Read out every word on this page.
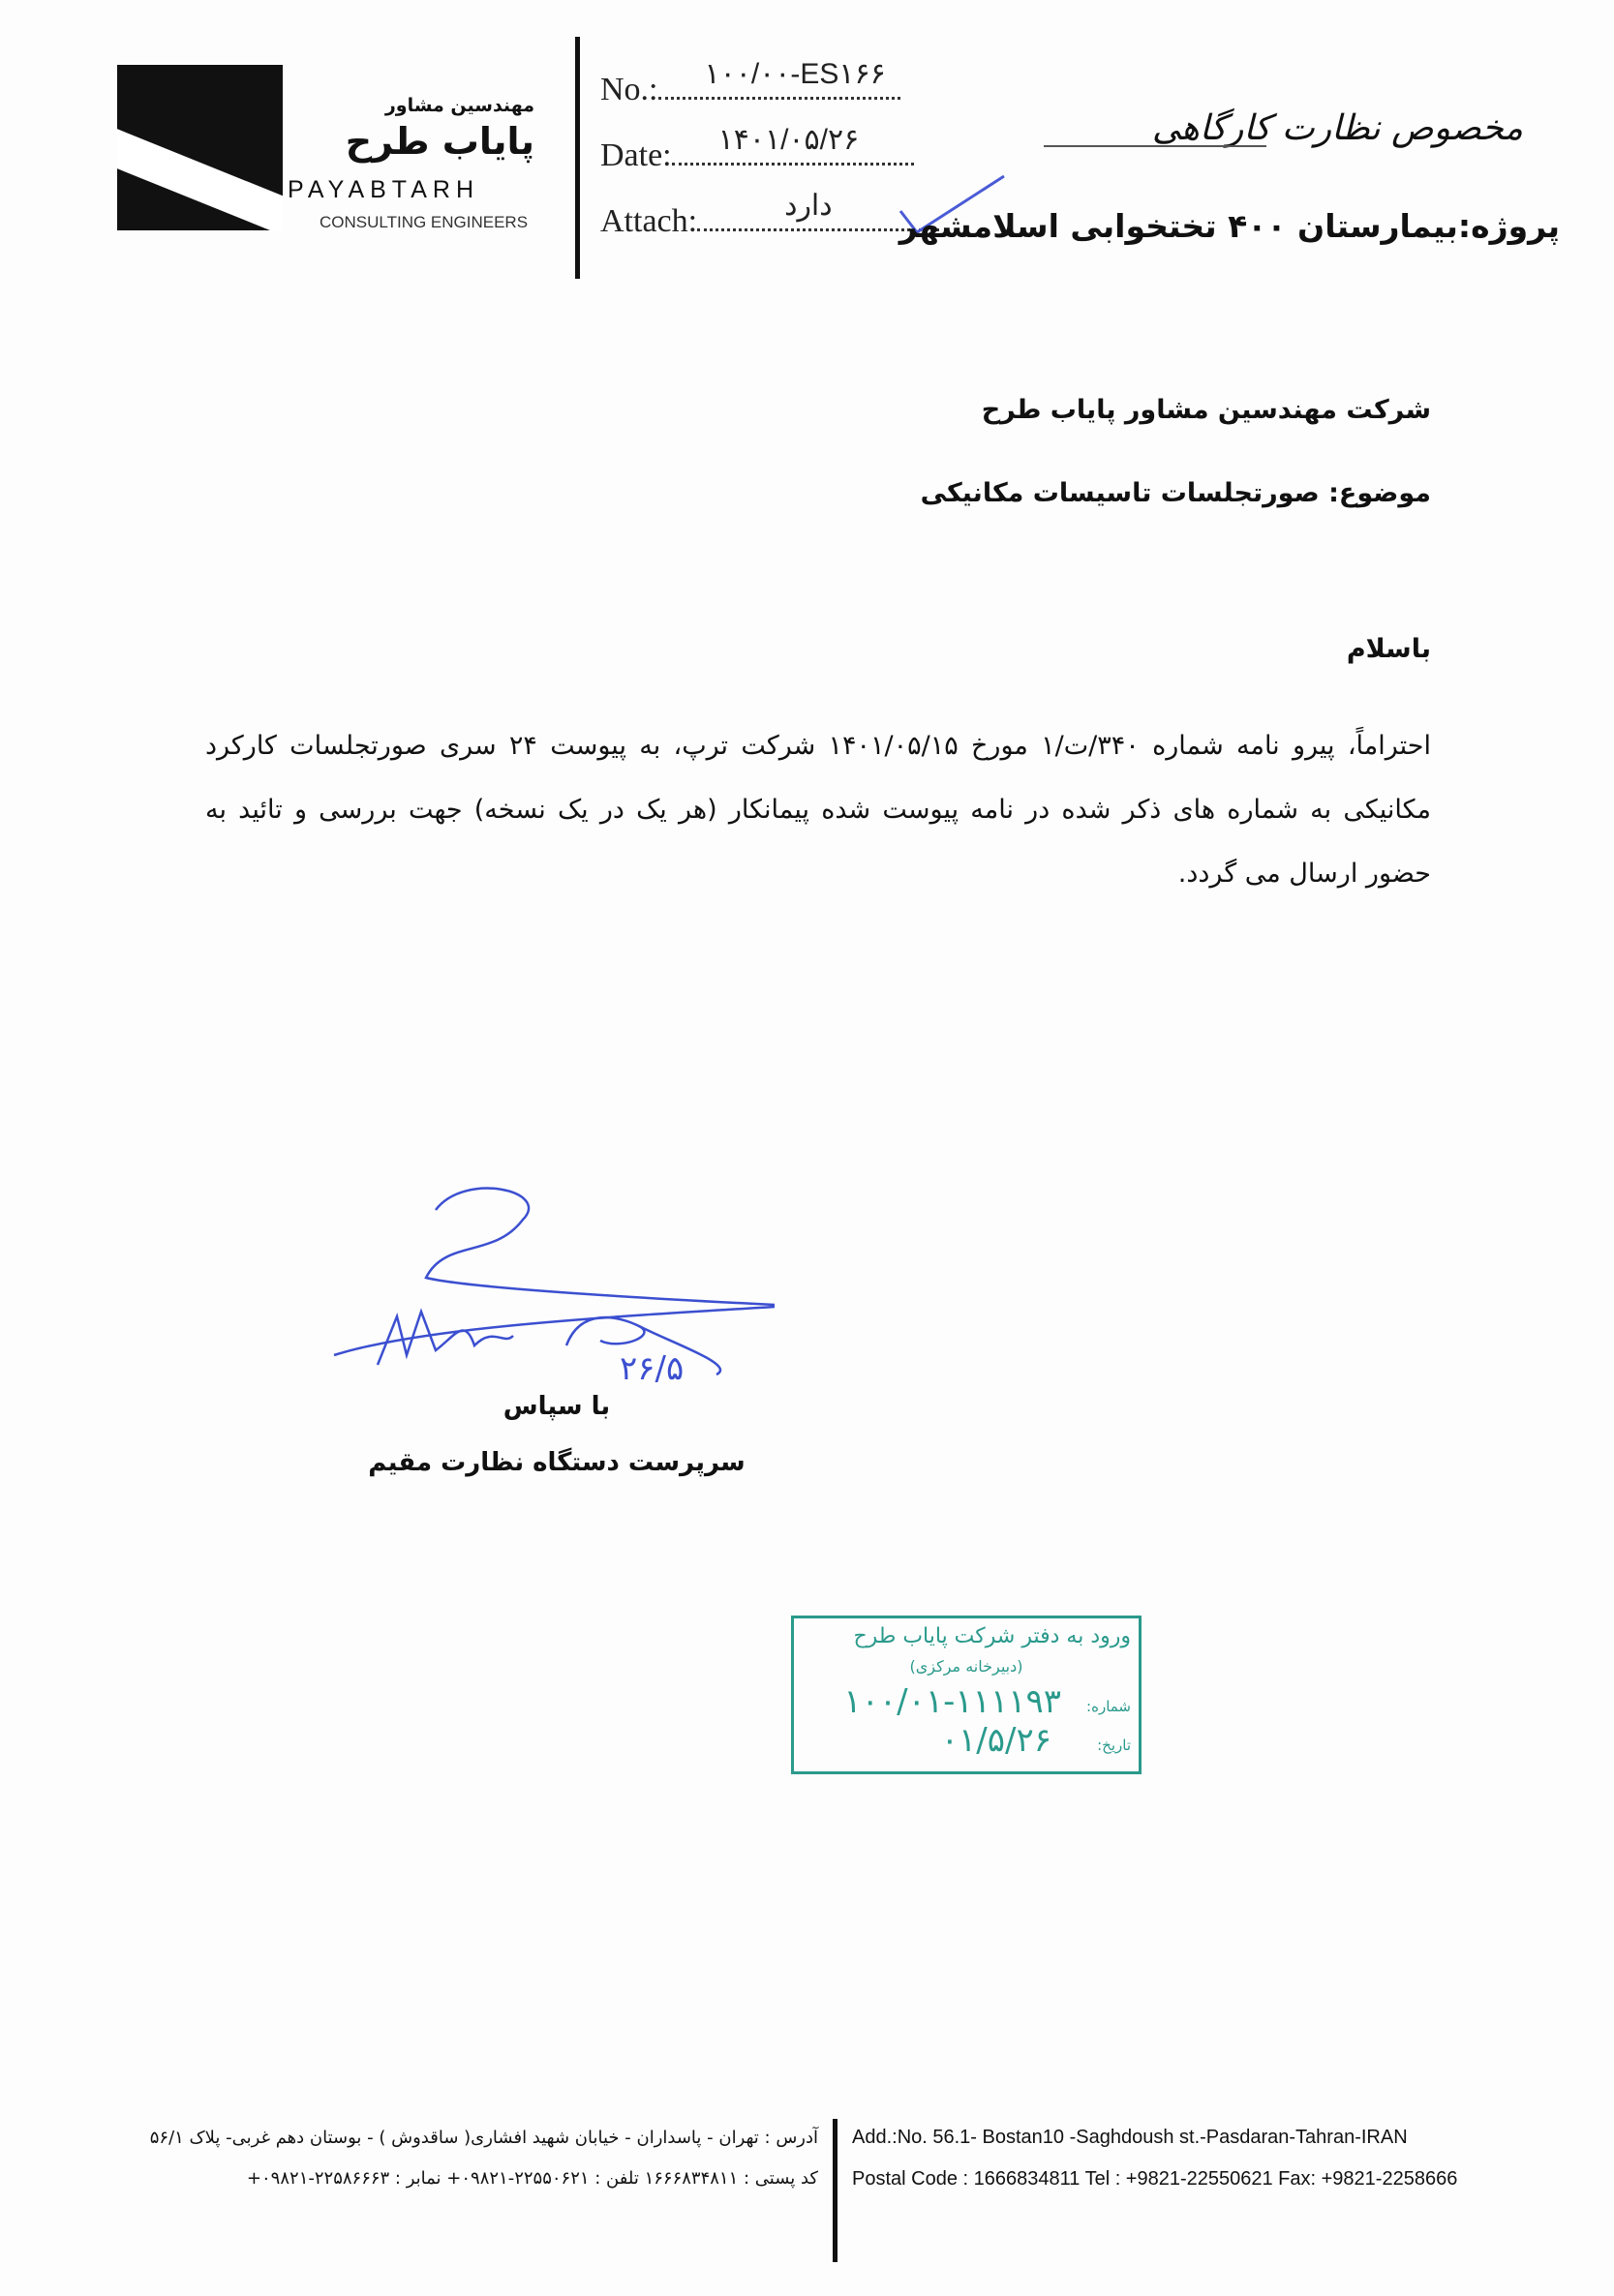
مهندسین مشاور
پایاب طرح
PAYABTARH
CONSULTING ENGINEERS
No.: ۱۰۰/۰۰-ES۱۶۶
Date: ۱۴۰۱/۰۵/۲۶
Attach:	دارد
مخصوص نظارت کارگاهی
پروژه:بیمارستان ۴۰۰ تختخوابی اسلامشهر
شرکت مهندسین مشاور پایاب طرح
موضوع: صورتجلسات تاسیسات مکانیکی
باسلام
احتراماً، پیرو نامه شماره ۳۴۰/ت/۱ مورخ ۱۴۰۱/۰۵/۱۵ شرکت ترپ، به پیوست ۲۴ سری صورتجلسات کارکرد مکانیکی به شماره های ذکر شده در نامه پیوست شده پیمانکار (هر یک در یک نسخه) جهت بررسی و تائید به حضور ارسال می گردد.
۲۶/۵
با سپاس
سرپرست دستگاه نظارت مقیم
ورود به دفتر شرکت پایاب طرح
(دبیرخانه مرکزی)
شماره:
۱۰۰/۰۱-۱۱۱۱۹۳
تاریخ:
۰۱/۵/۲۶
آدرس : تهران - پاسداران - خیابان شهید افشاری( ساقدوش ) - بوستان دهم غربی- پلاک ۵۶/۱
کد پستی : ۱۶۶۶۸۳۴۸۱۱ تلفن : ۲۲۵۵۰۶۲۱-۰۹۸۲۱+ نمابر : ۲۲۵۸۶۶۶۳-۰۹۸۲۱+
Add.:No. 56.1- Bostan10 -Saghdoush st.-Pasdaran-Tahran-IRAN
Postal Code : 1666834811 Tel : +9821-22550621 Fax: +9821-2258666
